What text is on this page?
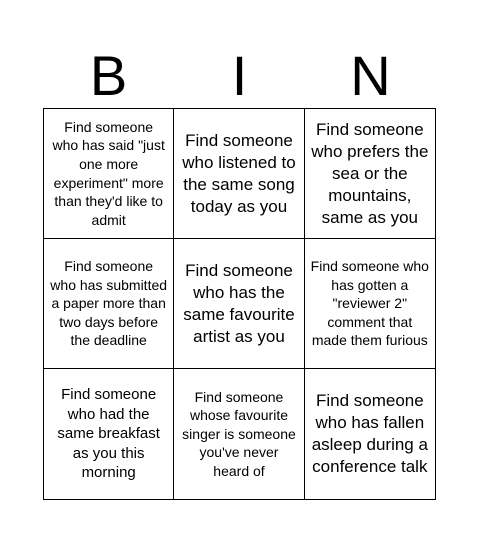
B	I	N
Find someone who has said "just one more experiment" more than they'd like to admit
Find someone who listened to the same song today as you
Find someone who prefers the sea or the mountains, same as you
Find someone who has submitted a paper more than two days before the deadline
Find someone who has the same favourite artist as you
Find someone who has gotten a "reviewer 2" comment that made them furious
Find someone who had the same breakfast as you this morning
Find someone whose favourite singer is someone you've never heard of
Find someone who has fallen asleep during a conference talk
